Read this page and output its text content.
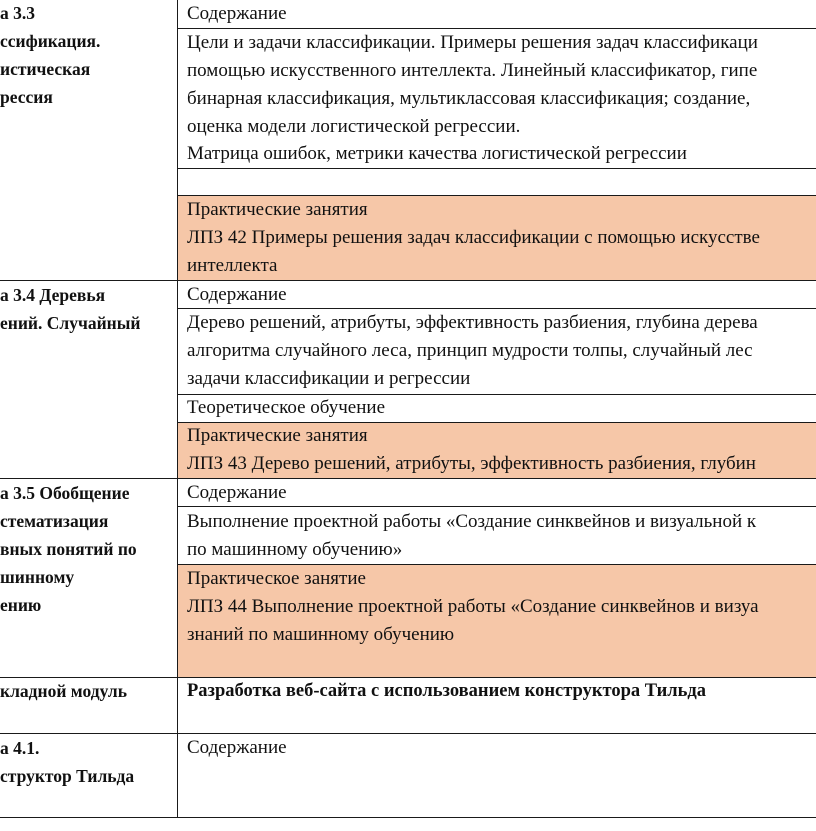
а 3.3
ссификация.
истическая
рессия
Содержание
Цели и задачи классификации. Примеры решения задач классификаци
помощью искусственного интеллекта. Линейный классификатор, гипе
бинарная классификация, мультиклассовая классификация; создание,
оценка модели логистической регрессии.
Матрица ошибок, метрики качества логистической регрессии
Практические занятия
ЛПЗ 42 Примеры решения задач классификации с помощью искусстве
интеллекта
а 3.4 Деревья
ений. Случайный
Содержание
Дерево решений, атрибуты, эффективность разбиения, глубина дерева
алгоритма случайного леса, принцип мудрости толпы, случайный лес
задачи классификации и регрессии
Теоретическое обучение
Практические занятия
ЛПЗ 43 Дерево решений, атрибуты, эффективность разбиения, глубин
а 3.5 Обобщение
стематизация
вных понятий по
шинному
ению
Содержание
Выполнение проектной работы «Создание синквейнов и визуальной к
по машинному обучению»
Практическое занятие
ЛПЗ 44 Выполнение проектной работы «Создание синквейнов и визуа
знаний по машинному обучению
кладной модуль	Разработка веб-сайта с использованием конструктора Тильда
а 4.1.
структор Тильда
Содержание
